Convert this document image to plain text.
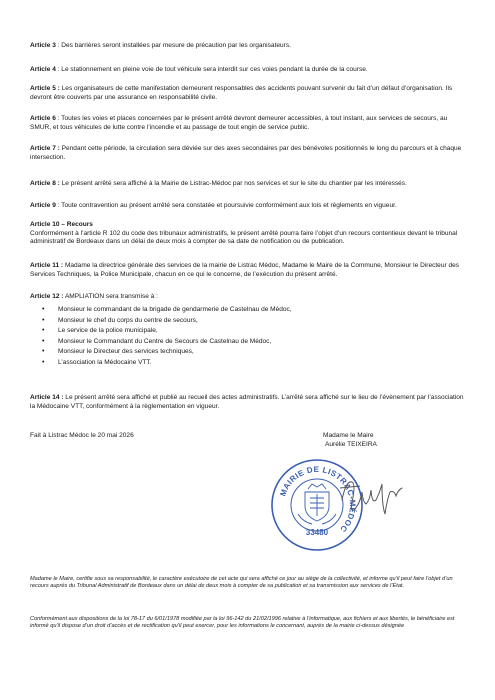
Article 3 : Des barrières seront installées par mesure de précaution par les organisateurs.
Article 4 : Le stationnement en pleine voie de tout véhicule sera interdit sur ces voies pendant la durée de la course.
Article 5 : Les organisateurs de cette manifestation demeurent responsables des accidents pouvant survenir du fait d’un défaut d’organisation. Ils devront être couverts par une assurance en responsabilité civile.
Article 6 : Toutes les voies et places concernées par le présent arrêté devront demeurer accessibles, à tout instant, aux services de secours, au SMUR, et tous véhicules de lutte contre l’incendie et au passage de tout engin de service public.
Article 7 : Pendant cette période, la circulation sera déviée sur des axes secondaires par des bénévoles positionnés le long du parcours et à chaque intersection.
Article 8 : Le présent arrêté sera affiché à la Mairie de Listrac-Médoc par nos services et sur le site du chantier par les intéressés.
Article 9 : Toute contravention au présent arrêté sera constatée et poursuivie conformément aux lois et règlements en vigueur.
Article 10 – Recours
Conformément à l’article R 102 du code des tribunaux administratifs, le présent arrêté pourra faire l’objet d’un recours contentieux devant le tribunal administratif de Bordeaux dans un délai de deux mois à compter de sa date de notification ou de publication.
Article 11 : Madame la directrice générale des services de la mairie de Listrac Médoc, Madame le Maire de la Commune, Monsieur le Directeur des Services Techniques, la Police Municipale, chacun en ce qui le concerne, de l’exécution du présent arrêté.
Article 12 : AMPLIATION sera transmise à :
• Monsieur le commandant de la brigade de gendarmerie de Castelnau de Médoc,
• Monsieur le chef du corps du centre de secours,
• Le service de la police municipale,
• Monsieur le Commandant du Centre de Secours de Castelnau de Médoc,
• Monsieur le Directeur des services techniques,
• L’association la Médocaine VTT.
Article 14 : Le présent arrêté sera affiché et publié au recueil des actes administratifs. L’arrêté sera affiché sur le lieu de l’évènement par l’association la Médocaine VTT, conformément à la règlementation en vigueur.
Fait à Listrac Médoc le 20 mai 2026	Madame le Maire
Aurélie TEIXEIRA
MAIRIE DE LISTRAC-MÉDOC
33480
Madame le Maire, certifie sous sa responsabilité, le caractère exécutoire de cet acte qui sera affiché ce jour au siège de la collectivité, et informe qu’il peut faire l’objet d’un recours auprès du Tribunal Administratif de Bordeaux dans un délai de deux mois à compter de sa publication et sa transmission aux services de l’État.
Conformément aux dispositions de la loi 78-17 du 6/01/1978 modifiée par la loi 96-142 du 21/02/1996 relative à l’informatique, aux fichiers et aux libertés, le bénéficiaire est informé qu’il dispose d’un droit d’accès et de rectification qu’il peut exercer, pour les informations le concernant, auprès de la mairie ci-dessus désignée
